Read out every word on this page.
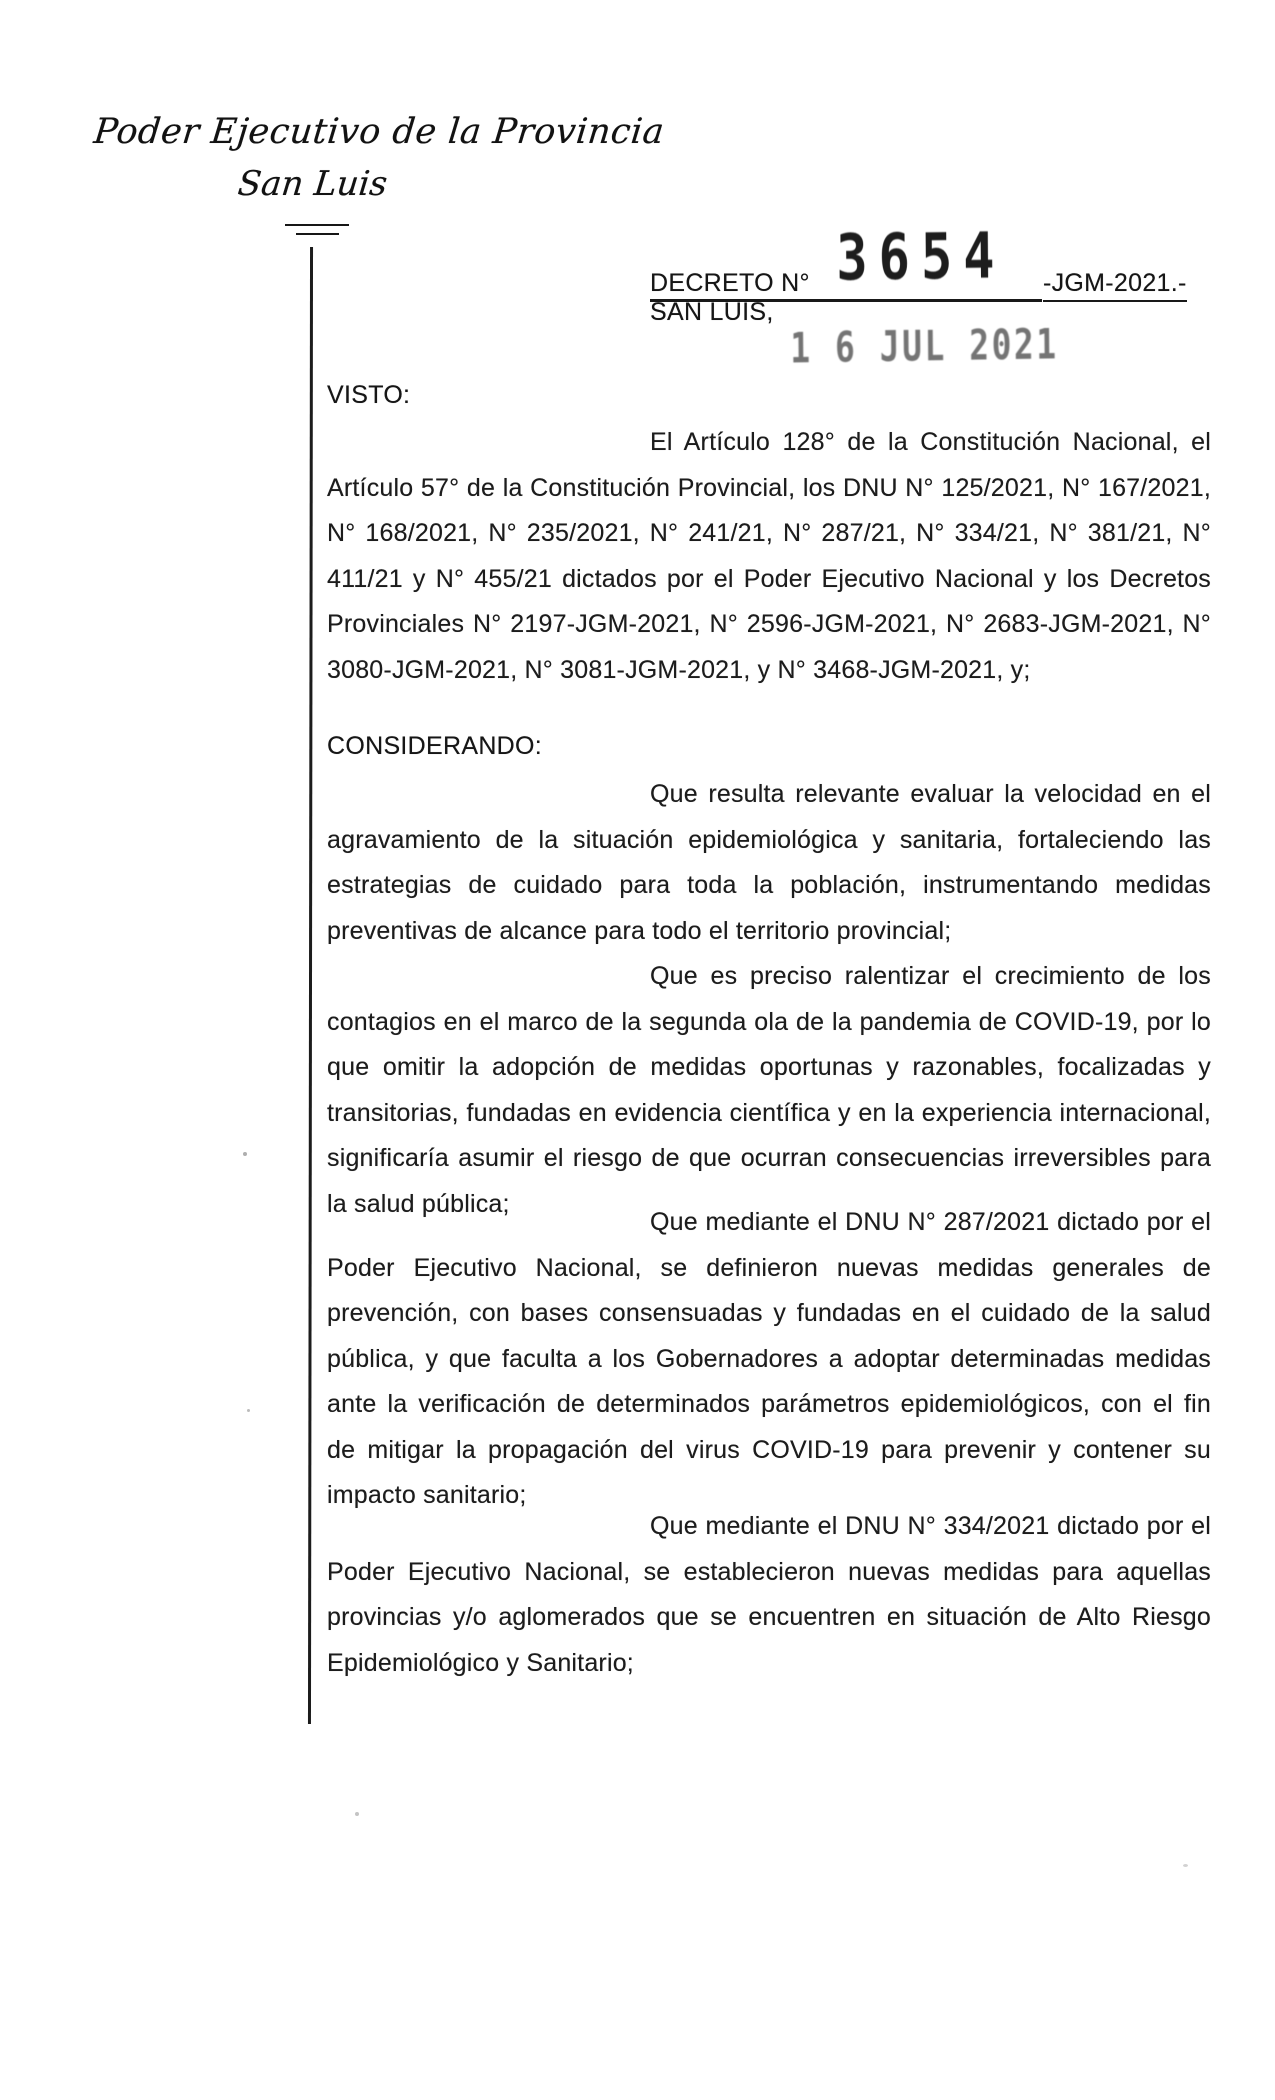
Poder Ejecutivo de la Provincia
San Luis
DECRETO N° 3654 -JGM-2021.-
SAN LUIS,
1 6 JUL 2021
VISTO:
El Artículo 128° de la Constitución Nacional, el Artículo 57° de la Constitución Provincial, los DNU N° 125/2021, N° 167/2021, N° 168/2021, N° 235/2021, N° 241/21, N° 287/21, N° 334/21, N° 381/21, N° 411/21 y N° 455/21 dictados por el Poder Ejecutivo Nacional y los Decretos Provinciales N° 2197-JGM-2021, N° 2596-JGM-2021, N° 2683-JGM-2021, N° 3080-JGM-2021, N° 3081-JGM-2021, y N° 3468-JGM-2021, y;
CONSIDERANDO:
Que resulta relevante evaluar la velocidad en el agravamiento de la situación epidemiológica y sanitaria, fortaleciendo las estrategias de cuidado para toda la población, instrumentando medidas preventivas de alcance para todo el territorio provincial;
Que es preciso ralentizar el crecimiento de los contagios en el marco de la segunda ola de la pandemia de COVID-19, por lo que omitir la adopción de medidas oportunas y razonables, focalizadas y transitorias, fundadas en evidencia científica y en la experiencia internacional, significaría asumir el riesgo de que ocurran consecuencias irreversibles para la salud pública;
Que mediante el DNU N° 287/2021 dictado por el Poder Ejecutivo Nacional, se definieron nuevas medidas generales de prevención, con bases consensuadas y fundadas en el cuidado de la salud pública, y que faculta a los Gobernadores a adoptar determinadas medidas ante la verificación de determinados parámetros epidemiológicos, con el fin de mitigar la propagación del virus COVID-19 para prevenir y contener su impacto sanitario;
Que mediante el DNU N° 334/2021 dictado por el Poder Ejecutivo Nacional, se establecieron nuevas medidas para aquellas provincias y/o aglomerados que se encuentren en situación de Alto Riesgo Epidemiológico y Sanitario;
